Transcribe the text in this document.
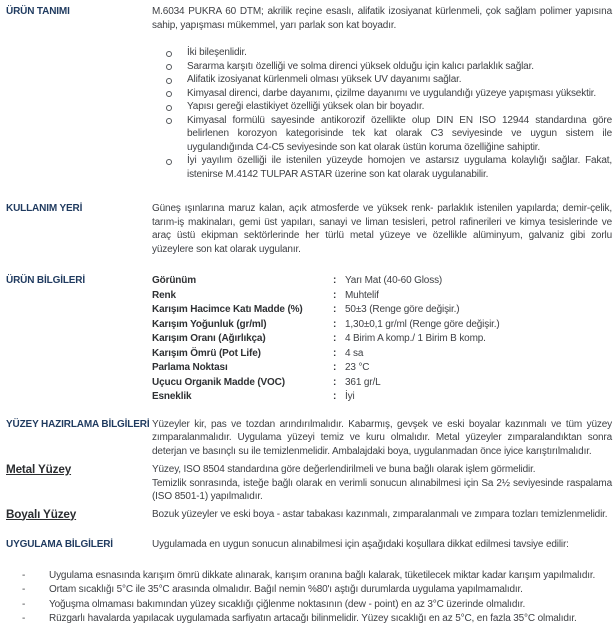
ÜRÜN TANIMI	M.6034 PUKRA 60 DTM; akrilik reçine esaslı, alifatik izosiyanat kürlenmeli, çok sağlam polimer yapısına sahip, yapışması mükemmel, yarı parlak son kat boyadır.

İki bileşenlidir.
Sararma karşıtı özelliği ve solma direnci yüksek olduğu için kalıcı parlaklık sağlar.
Alifatik izosiyanat kürlenmeli olması yüksek UV dayanımı sağlar.
Kimyasal direnci, darbe dayanımı, çizilme dayanımı ve uygulandığı yüzeye yapışması yüksektir.
Yapısı gereği elastikiyet özelliği yüksek olan bir boyadır.
Kimyasal formülü sayesinde antikorozif özellikte olup DIN EN ISO 12944 standardına göre belirlenen korozyon kategorisinde tek kat olarak C3 seviyesinde ve uygun sistem ile uygulandığında C4-C5 seviyesinde son kat olarak üstün koruma özelliğine sahiptir.
İyi yayılım özelliği ile istenilen yüzeyde homojen ve astarsız uygulama kolaylığı sağlar. Fakat, istenirse M.4142 TULPAR ASTAR üzerine son kat olarak uygulanabilir.
KULLANIM YERİ	Güneş ışınlarına maruz kalan, açık atmosferde ve yüksek renk- parlaklık istenilen yapılarda; demir-çelik, tarım-iş makinaları, gemi üst yapıları, sanayi ve liman tesisleri, petrol rafinerileri ve kimya tesislerinde ve araç üstü ekipman sektörlerinde her türlü metal yüzeye ve özellikle alüminyum, galvaniz gibi zorlu yüzeylere son kat olarak uygulanır.

ÜRÜN BİLGİLERİ	Görünüm	: Yarı Mat (40-60 Gloss)
Renk	: Muhtelif
Karışım Hacimce Katı Madde (%)	: 50±3 (Renge göre değişir.)
Karışım Yoğunluk (gr/ml)	: 1,30±0,1 gr/ml (Renge göre değişir.)
Karışım Oranı (Ağırlıkça)	: 4 Birim A komp./ 1 Birim B komp.
Karışım Ömrü (Pot Life)	: 4 sa
Parlama Noktası	: 23 °C
Uçucu Organik Madde (VOC)	: 361 gr/L
Esneklik	: İyi
YÜZEY HAZIRLAMA BİLGİLERİ Yüzeyler kir, pas ve tozdan arındırılmalıdır. Kabarmış, gevşek ve eski boyalar kazınmalı ve tüm yüzey zımparalanmalıdır. Uygulama yüzeyi temiz ve kuru olmalıdır. Metal yüzeyler zımparalandıktan sonra deterjan ve basınçlı su ile temizlenmelidir. Ambalajdaki boya, uygulanmadan önce iyice karıştırılmalıdır.

Metal Yüzey	Yüzey, ISO 8504 standardına göre değerlendirilmeli ve buna bağlı olarak işlem görmelidir.

Temizlik sonrasında, isteğe bağlı olarak en verimli sonucun alınabilmesi için Sa 2½ seviyesinde raspalama (ISO 8501-1) yapılmalıdır.

Boyalı Yüzey	Bozuk yüzeyler ve eski boya - astar tabakası kazınmalı, zımparalanmalı ve zımpara tozları temizlenmelidir.

UYGULAMA BİLGİLERİ	Uygulamada en uygun sonucun alınabilmesi için aşağıdaki koşullara dikkat edilmesi tavsiye edilir:

- Uygulama esnasında karışım ömrü dikkate alınarak, karışım oranına bağlı kalarak, tüketilecek miktar kadar karışım yapılmalıdır.
- Ortam sıcaklığı 5°C ile 35°C arasında olmalıdır. Bağıl nemin %80'ı aştığı durumlarda uygulama yapılmamalıdır.
- Yoğuşma olmaması bakımından yüzey sıcaklığı çiğlenme noktasının (dew - point) en az 3°C üzerinde olmalıdır.
- Rüzgarlı havalarda yapılacak uygulamada sarfiyatın artacağı bilinmelidir. Yüzey sıcaklığı en az 5°C, en fazla 35°C olmalıdır.
